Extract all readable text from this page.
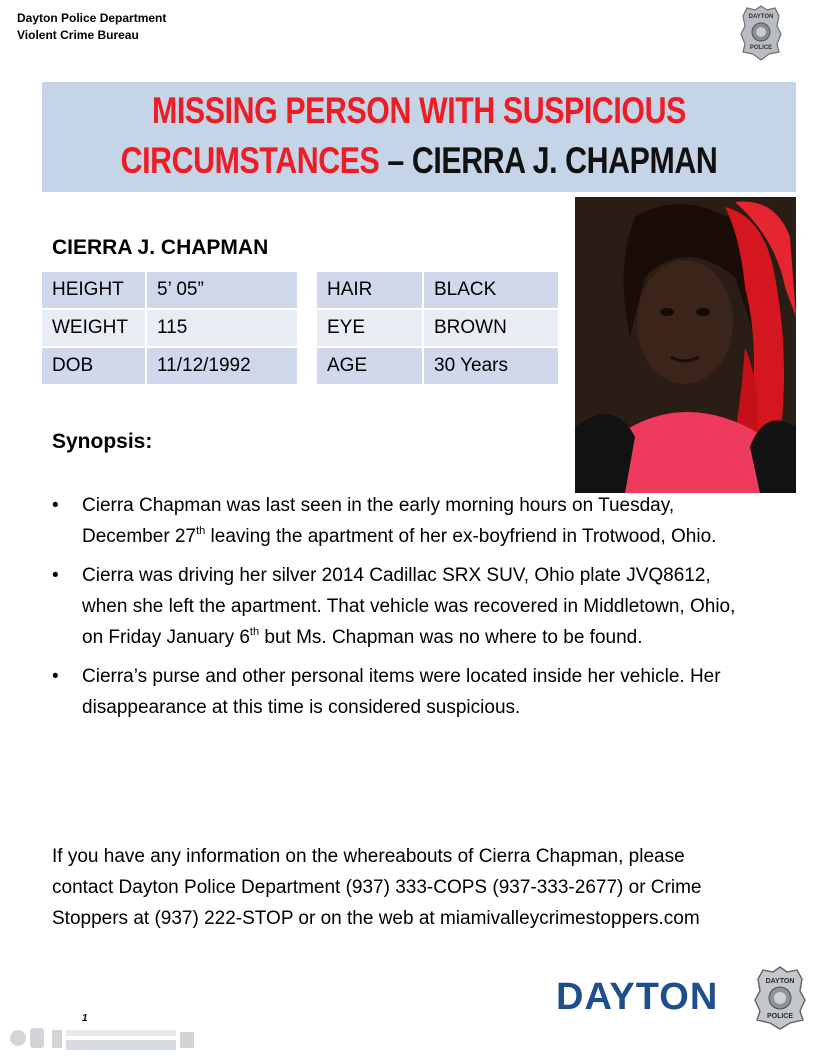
Dayton Police Department
Violent Crime Bureau
DAYTON
POLICE
MISSING PERSON WITH SUSPICIOUS
CIRCUMSTANCES – CIERRA J. CHAPMAN
CIERRA J. CHAPMAN
HEIGHT	5’ 05”
WEIGHT	115
DOB	11/12/1992
HAIR	BLACK
EYE	BROWN
AGE	30 Years
Synopsis:
• Cierra Chapman was last seen in the early morning hours on Tuesday, December 27th leaving the apartment of her ex-boyfriend in Trotwood, Ohio.
• Cierra was driving her silver 2014 Cadillac SRX SUV, Ohio plate JVQ8612, when she left the apartment. That vehicle was recovered in Middletown, Ohio, on Friday January 6th but Ms. Chapman was no where to be found.
• Cierra’s purse and other personal items were located inside her vehicle. Her disappearance at this time is considered suspicious.
If you have any information on the whereabouts of Cierra Chapman, please contact Dayton Police Department (937) 333-COPS (937-333-2677) or Crime Stoppers at (937) 222-STOP or on the web at miamivalleycrimestoppers.com
DAYTON	DAYTON
POLICE
1
